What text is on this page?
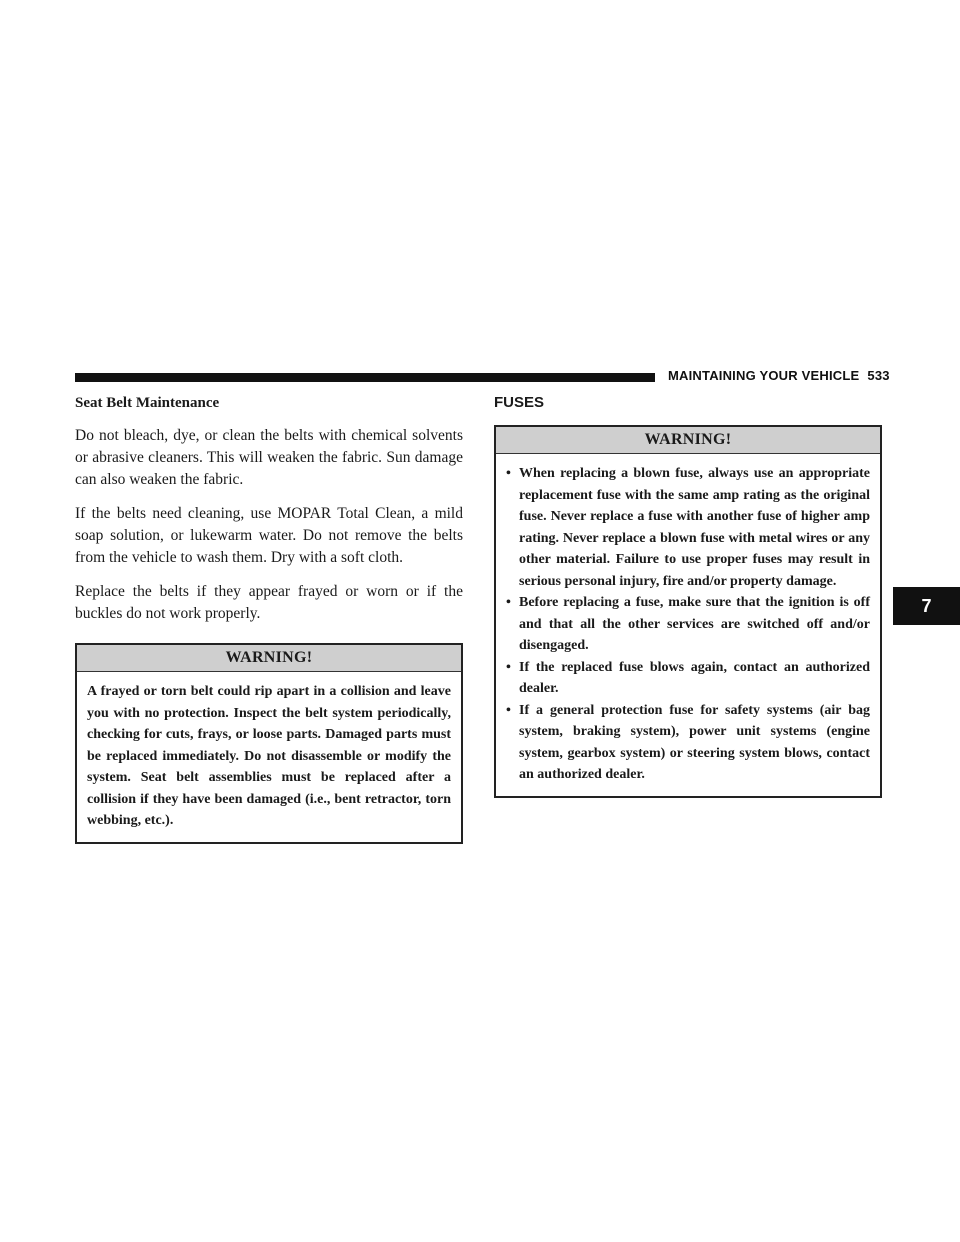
MAINTAINING YOUR VEHICLE 533
7
Seat Belt Maintenance

Do not bleach, dye, or clean the belts with chemical solvents or abrasive cleaners. This will weaken the fabric. Sun damage can also weaken the fabric.

If the belts need cleaning, use MOPAR Total Clean, a mild soap solution, or lukewarm water. Do not remove the belts from the vehicle to wash them. Dry with a soft cloth.

Replace the belts if they appear frayed or worn or if the buckles do not work properly.

WARNING!
A frayed or torn belt could rip apart in a collision and leave you with no protection. Inspect the belt system periodically, checking for cuts, frays, or loose parts. Damaged parts must be replaced immediately. Do not disassemble or modify the system. Seat belt assemblies must be replaced after a collision if they have been damaged (i.e., bent retractor, torn webbing, etc.).
FUSES
WARNING!
• When replacing a blown fuse, always use an appropriate replacement fuse with the same amp rating as the original fuse. Never replace a fuse with another fuse of higher amp rating. Never replace a blown fuse with metal wires or any other material. Failure to use proper fuses may result in serious personal injury, fire and/or property damage.
• Before replacing a fuse, make sure that the ignition is off and that all the other services are switched off and/or disengaged.
• If the replaced fuse blows again, contact an authorized dealer.
• If a general protection fuse for safety systems (air bag system, braking system), power unit systems (engine system, gearbox system) or steering system blows, contact an authorized dealer.
